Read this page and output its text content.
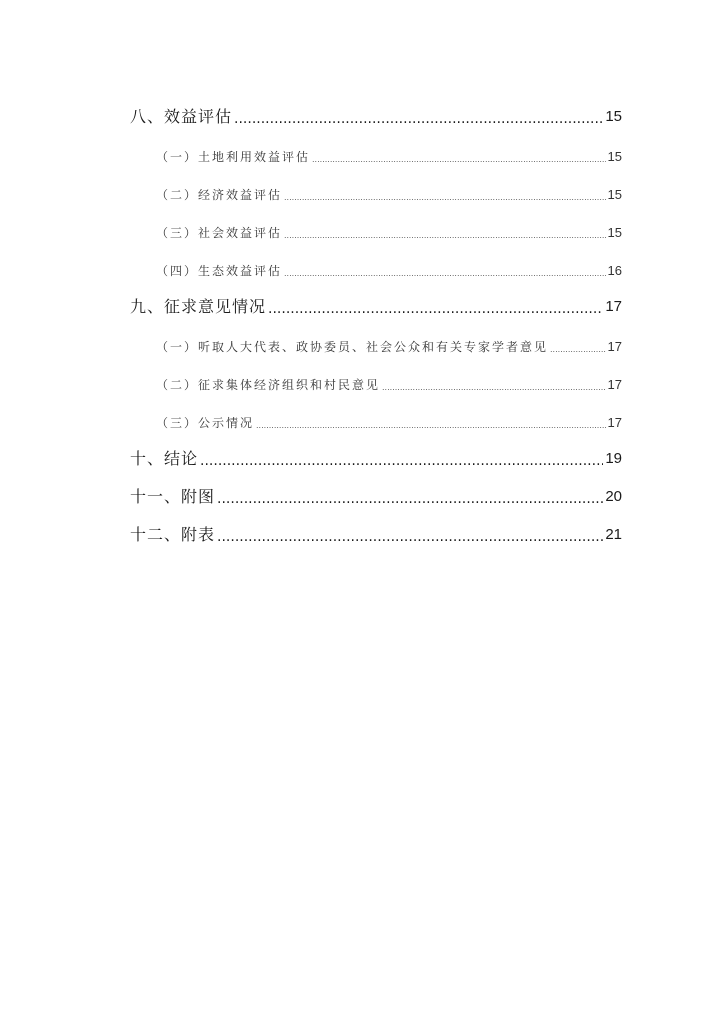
八、效益评估 .....	15
（一）土地利用效益评估 .....	15
（二）经济效益评估 .....	15
（三）社会效益评估 .....	15
（四）生态效益评估 .....	16
九、征求意见情况 .....	17
（一）听取人大代表、政协委员、社会公众和有关专家学者意见 .....	17
（二）征求集体经济组织和村民意见 .....	17
（三）公示情况 .....	17
十、结论 .....	19
十一、附图 .....	20
十二、附表 .....	21
